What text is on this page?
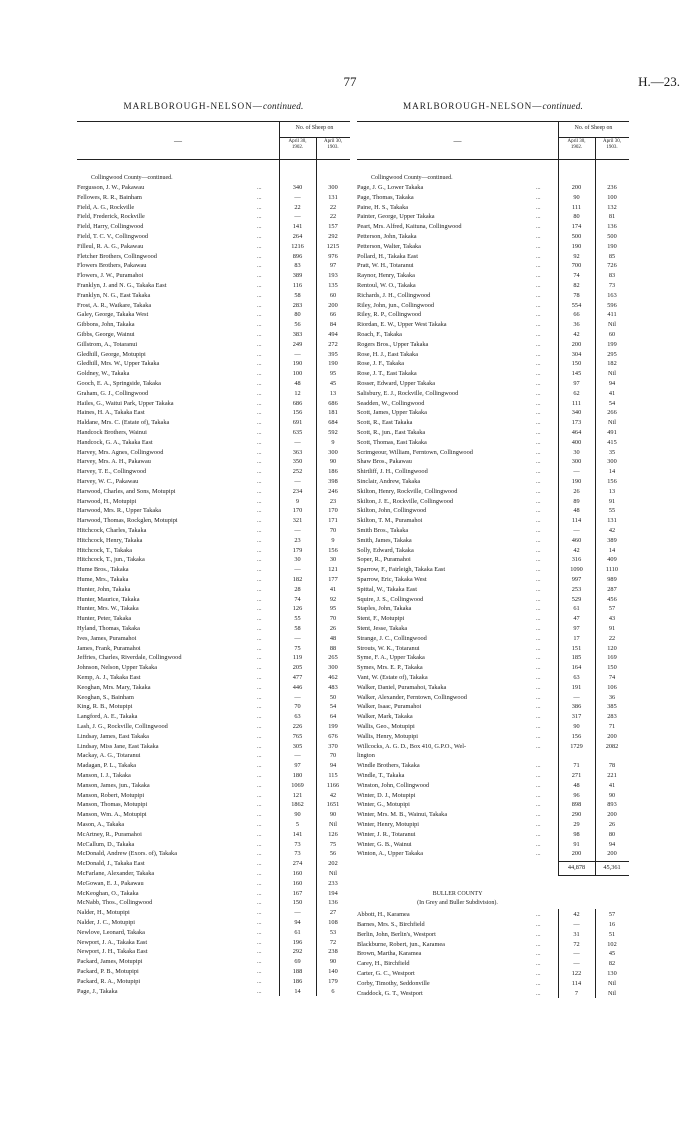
77	H.—23.
MARLBOROUGH-NELSON—continued.
No. of Sheep on
—	April 30,
1902.
April 30,
1903.
Collingwood County—continued.
Fergusson, J. W., Pakawau	...	340	300
Fellowes, R. R., Bainham	...	—	131
Field, A. G., Rockville	...	22	22
Field, Frederick, Rockville	...	—	22
Field, Harry, Collingwood	...	141	157
Field, T. C. V., Collingwood	...	264	292
Filleul, R. A. G., Pakawau	...	1216	1215
Fletcher Brothers, Collingwood	...	896	976
Flowers Brothers, Pakawau	...	83	97
Flowers, J. W., Puramahoi	...	389	193
Franklyn, J. and N. G., Takaka East	...	116	135
Franklyn, N. G., East Takaka	...	58	60
Frost, A. R., Waikare, Takaka	...	283	200
Galey, George, Takaka West	...	80	66
Gibbons, John, Takaka	...	56	84
Gibbs, George, Wainui	...	383	494
Gillstrom, A., Totaranui	...	249	272
Gledhill, George, Motupipi	...	—	395
Gledhill, Mrs. W., Upper Takaka	...	190	190
Goldney, W., Takaka	...	100	95
Gooch, E. A., Springside, Takaka	...	48	45
Graham, G. J., Collingwood	...	12	13
Hailes, G., Waitui Park, Upper Takaka	...	686	686
Haines, H. A., Takaka East	...	156	181
Haldane, Mrs. C. (Estate of), Takaka	...	691	684
Handcock Brothers, Wainui	...	635	592
Handcock, G. A., Takaka East	...	—	9
Harvey, Mrs. Agnes, Collingwood	...	363	300
Harvey, Mrs. A. H., Pakawau	...	350	90
Harvey, T. E., Collingwood	...	252	186
Harvey, W. C., Pakawau	...	—	398
Harwood, Charles, and Sons, Motupipi	...	234	246
Harwood, H., Motupipi	...	9	23
Harwood, Mrs. R., Upper Takaka	...	170	170
Harwood, Thomas, Rockglen, Motupipi	...	321	171
Hitchcock, Charles, Takaka	...	—	70
Hitchcock, Henry, Takaka	...	23	9
Hitchcock, T., Takaka	...	179	156
Hitchcock, T., jun., Takaka	...	30	30
Hume Bros., Takaka	...	—	121
Hume, Mrs., Takaka	...	182	177
Hunter, John, Takaka	...	28	41
Hunter, Maurice, Takaka	...	74	92
Hunter, Mrs. W., Takaka	...	126	95
Hunter, Peter, Takaka	...	55	70
Hyland, Thomas, Takaka	...	58	26
Ives, James, Puramahoi	...	—	48
James, Frank, Puramahoi	...	75	88
Jeffries, Charles, Riverdale, Collingwood	...	119	265
Johnson, Nelson, Upper Takaka	...	205	300
Kemp, A. J., Takaka East	...	477	462
Keoghan, Mrs. Mary, Takaka	...	446	483
Keoghan, S., Bainham	...	—	50
King, R. B., Motupipi	...	70	54
Langford, A. E., Takaka	...	63	64
Lash, J. G., Rockville, Collingwood	...	226	199
Lindsay, James, East Takaka	...	765	676
Lindsay, Miss Jane, East Takaka	...	305	370
Mackay, A. G., Totaranui	...	—	70
Madagan, P. L., Takaka	...	97	94
Manson, I. J., Takaka	...	180	115
Manson, James, jun., Takaka	...	1069	1166
Manson, Robert, Motupipi	...	121	42
Manson, Thomas, Motupipi	...	1862	1651
Manson, Wm. A., Motupipi	...	90	90
Mason, A., Takaka	...	5	Nil
McArtney, R., Puramahoi	...	141	126
McCallum, D., Takaka	...	73	75
McDonald, Andrew (Exors. of), Takaka	...	73	56
McDonald, J., Takaka East	...	274	202
McFarlane, Alexander, Takaka	...	160	Nil
McGowan, E. J., Pakawau	...	160	233
McKeoghan, O., Takaka	...	167	194
McNabb, Thos., Collingwood	...	150	136
Nalder, H., Motupipi	...	—	27
Nalder, J. C., Motupipi	...	94	108
Newlove, Leonard, Takaka	...	61	53
Newport, J. A., Takaka East	...	196	72
Newport, J. H., Takaka East	...	292	238
Packard, James, Motupipi	...	69	90
Packard, P. B., Motupipi	...	188	140
Packard, R. A., Motupipi	...	186	179
Page, J., Takaka	...	14	6
MARLBOROUGH-NELSON—continued.
No. of Sheep on
—	April 30,
1902.
April 30,
1903.
Collingwood County—continued.
Page, J. G., Lower Takaka	...	200	236
Page, Thomas, Takaka	...	90	100
Paine, H. S., Takaka	...	111	132
Painter, George, Upper Takaka	...	80	81
Peart, Mrs. Alfred, Kaituna, Collingwood	...	174	136
Petterson, John, Takaka	...	500	500
Petterson, Walter, Takaka	...	190	190
Pollard, H., Takaka East	...	92	85
Pratt, W. H., Totaranui	...	700	726
Raynor, Henry, Takaka	...	74	83
Rentoul, W. O., Takaka	...	82	73
Richards, J. H., Collingwood	...	78	163
Riley, John, jun., Collingwood	...	554	596
Riley, R. P., Collingwood	...	66	411
Riordan, E. W., Upper West Takaka	...	36	Nil
Roach, F., Takaka	...	42	60
Rogers Bros., Upper Takaka	...	200	199
Rose, H. J., East Takaka	...	304	295
Rose, J. F., Takaka	...	150	182
Rose, J. T., East Takaka	...	145	Nil
Rosser, Edward, Upper Takaka	...	97	94
Salisbury, E. J., Rockville, Collingwood	...	62	41
Seadden, W., Collingwood	...	111	54
Scott, James, Upper Takaka	...	340	266
Scott, R., East Takaka	...	173	Nil
Scott, R., jun., East Takaka	...	464	491
Scott, Thomas, East Takaka	...	400	415
Scrimgeour, William, Ferntown, Collingwood	...	30	35
Shaw Bros., Pakawau	...	300	300
Shirtliff, J. H., Collingwood	...	—	14
Sinclair, Andrew, Takaka	...	190	156
Skilton, Henry, Rockville, Collingwood	...	26	13
Skilton, J. E., Rockville, Collingwood	...	89	91
Skilton, John, Collingwood	...	48	55
Skilton, T. M., Puramahoi	...	114	131
Smith Bros., Takaka	...	—	42
Smith, James, Takaka	...	460	389
Solly, Edward, Takaka	...	42	14
Soper, R., Puramahoi	...	316	409
Sparrow, F., Fairleigh, Takaka East	...	1090	1110
Sparrow, Eric, Takaka West	...	997	989
Spittal, W., Takaka East	...	253	287
Squire, J. S., Collingwood	...	529	456
Staples, John, Takaka	...	61	57
Stent, F., Motupipi	...	47	43
Stent, Jesse, Takaka	...	97	91
Strange, J. C., Collingwood	...	17	22
Strouts, W. K., Totaranui	...	151	120
Syme, F. A., Upper Takaka	...	185	169
Symes, Mrs. E. P., Takaka	...	164	150
Vant, W. (Estate of), Takaka	...	63	74
Walker, Daniel, Puramahoi, Takaka	...	191	106
Walker, Alexander, Ferntown, Collingwood	...	—	36
Walker, Isaac, Puramahoi	...	386	385
Walker, Mark, Takaka	...	317	283
Wallis, Geo., Motupipi	...	90	71
Wallis, Henry, Motupipi	...	156	200
Willcocks, A. G. D., Box 410, G.P.O., Wel-	...	1729	2082
lington
Windle Brothers, Takaka	...	71	78
Windle, T., Takaka	...	271	221
Winston, John, Collingwood	...	48	41
Winter, D. J., Motupipi	...	96	90
Winter, G., Motupipi	...	898	893
Winter, Mrs. M. B., Wainui, Takaka	...	290	200
Winter, Henry, Motupipi	...	29	26
Winter, J. R., Totaranui	...	98	80
Winter, G. B., Wainui	...	91	94
Winton, A., Upper Takaka	...	200	200
44,878	45,361
BULLER COUNTY
(In Grey and Buller Subdivision).
Abbott, H., Karamea	...	42	57
Barnes, Mrs. S., Birchfield	...	—	16
Berlin, John, Berlin's, Westport	...	31	51
Blackburne, Robert, jun., Karamea	...	72	102
Brown, Martha, Karamea	...	—	45
Carey, H., Birchfield	...	—	82
Carter, G. C., Westport	...	122	130
Corby, Timothy, Seddonville	...	114	Nil
Craddock, G. T., Westport	...	7	Nil
